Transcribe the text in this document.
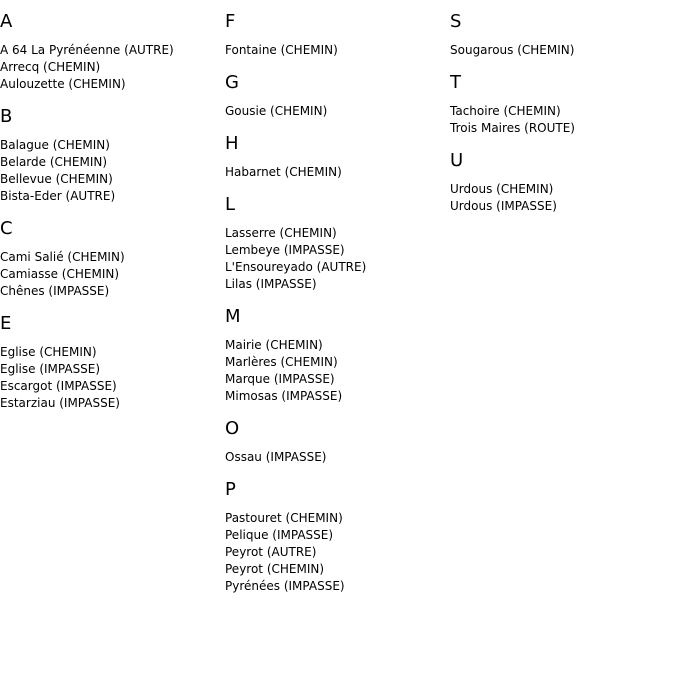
A
A 64 La Pyrénéenne (AUTRE)
Arrecq (CHEMIN)
Aulouzette (CHEMIN)
B
Balague (CHEMIN)
Belarde (CHEMIN)
Bellevue (CHEMIN)
Bista-Eder (AUTRE)
C
Cami Salié (CHEMIN)
Camiasse (CHEMIN)
Chênes (IMPASSE)
E
Eglise (CHEMIN)
Eglise (IMPASSE)
Escargot (IMPASSE)
Estarziau (IMPASSE)
F
Fontaine (CHEMIN)
G
Gousie (CHEMIN)
H
Habarnet (CHEMIN)
L
Lasserre (CHEMIN)
Lembeye (IMPASSE)
L'Ensoureyado (AUTRE)
Lilas (IMPASSE)
M
Mairie (CHEMIN)
Marlères (CHEMIN)
Marque (IMPASSE)
Mimosas (IMPASSE)
O
Ossau (IMPASSE)
P
Pastouret (CHEMIN)
Pelique (IMPASSE)
Peyrot (AUTRE)
Peyrot (CHEMIN)
Pyrénées (IMPASSE)
S
Sougarous (CHEMIN)
T
Tachoire (CHEMIN)
Trois Maires (ROUTE)
U
Urdous (CHEMIN)
Urdous (IMPASSE)
